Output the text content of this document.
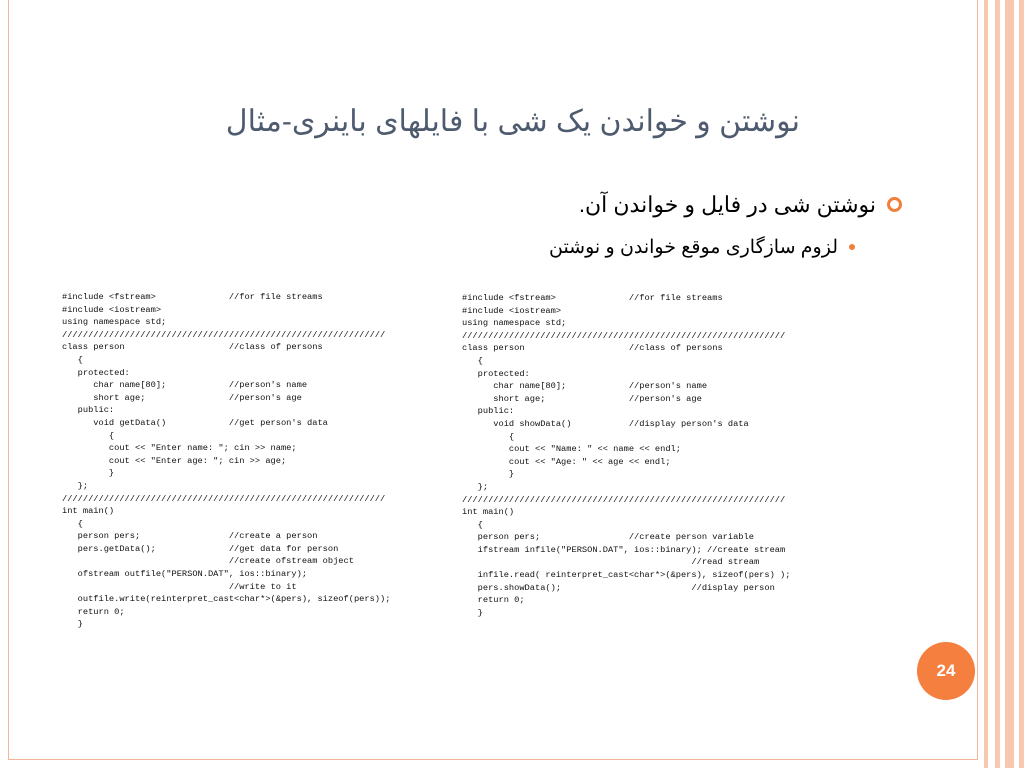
نوشتن و خواندن یک شی با فایلهای باینری-مثال
نوشتن شی در فایل و خواندن آن.
لزوم سازگاری موقع خواندن و نوشتن
#include <fstream>              //for file streams
#include <iostream>
using namespace std;
//////////////////////////////////////////////////////////////
class person                    //class of persons
{
protected:
char name[80];            //person's name
short age;                //person's age
public:
void getData()            //get person's data
{
cout << "Enter name: "; cin >> name;
cout << "Enter age: "; cin >> age;
}
};
//////////////////////////////////////////////////////////////
int main()
{
person pers;                 //create a person
pers.getData();              //get data for person
//create ofstream object
ofstream outfile("PERSON.DAT", ios::binary);
//write to it
outfile.write(reinterpret_cast<char*>(&pers), sizeof(pers));
return 0;
}
#include <fstream>              //for file streams
#include <iostream>
using namespace std;
//////////////////////////////////////////////////////////////
class person                    //class of persons
{
protected:
char name[80];            //person's name
short age;                //person's age
public:
void showData()           //display person's data
{
cout << "Name: " << name << endl;
cout << "Age: " << age << endl;
}
};
//////////////////////////////////////////////////////////////
int main()
{
person pers;                 //create person variable
ifstream infile("PERSON.DAT", ios::binary); //create stream
//read stream
infile.read( reinterpret_cast<char*>(&pers), sizeof(pers) );
pers.showData();                         //display person
return 0;
}
24
